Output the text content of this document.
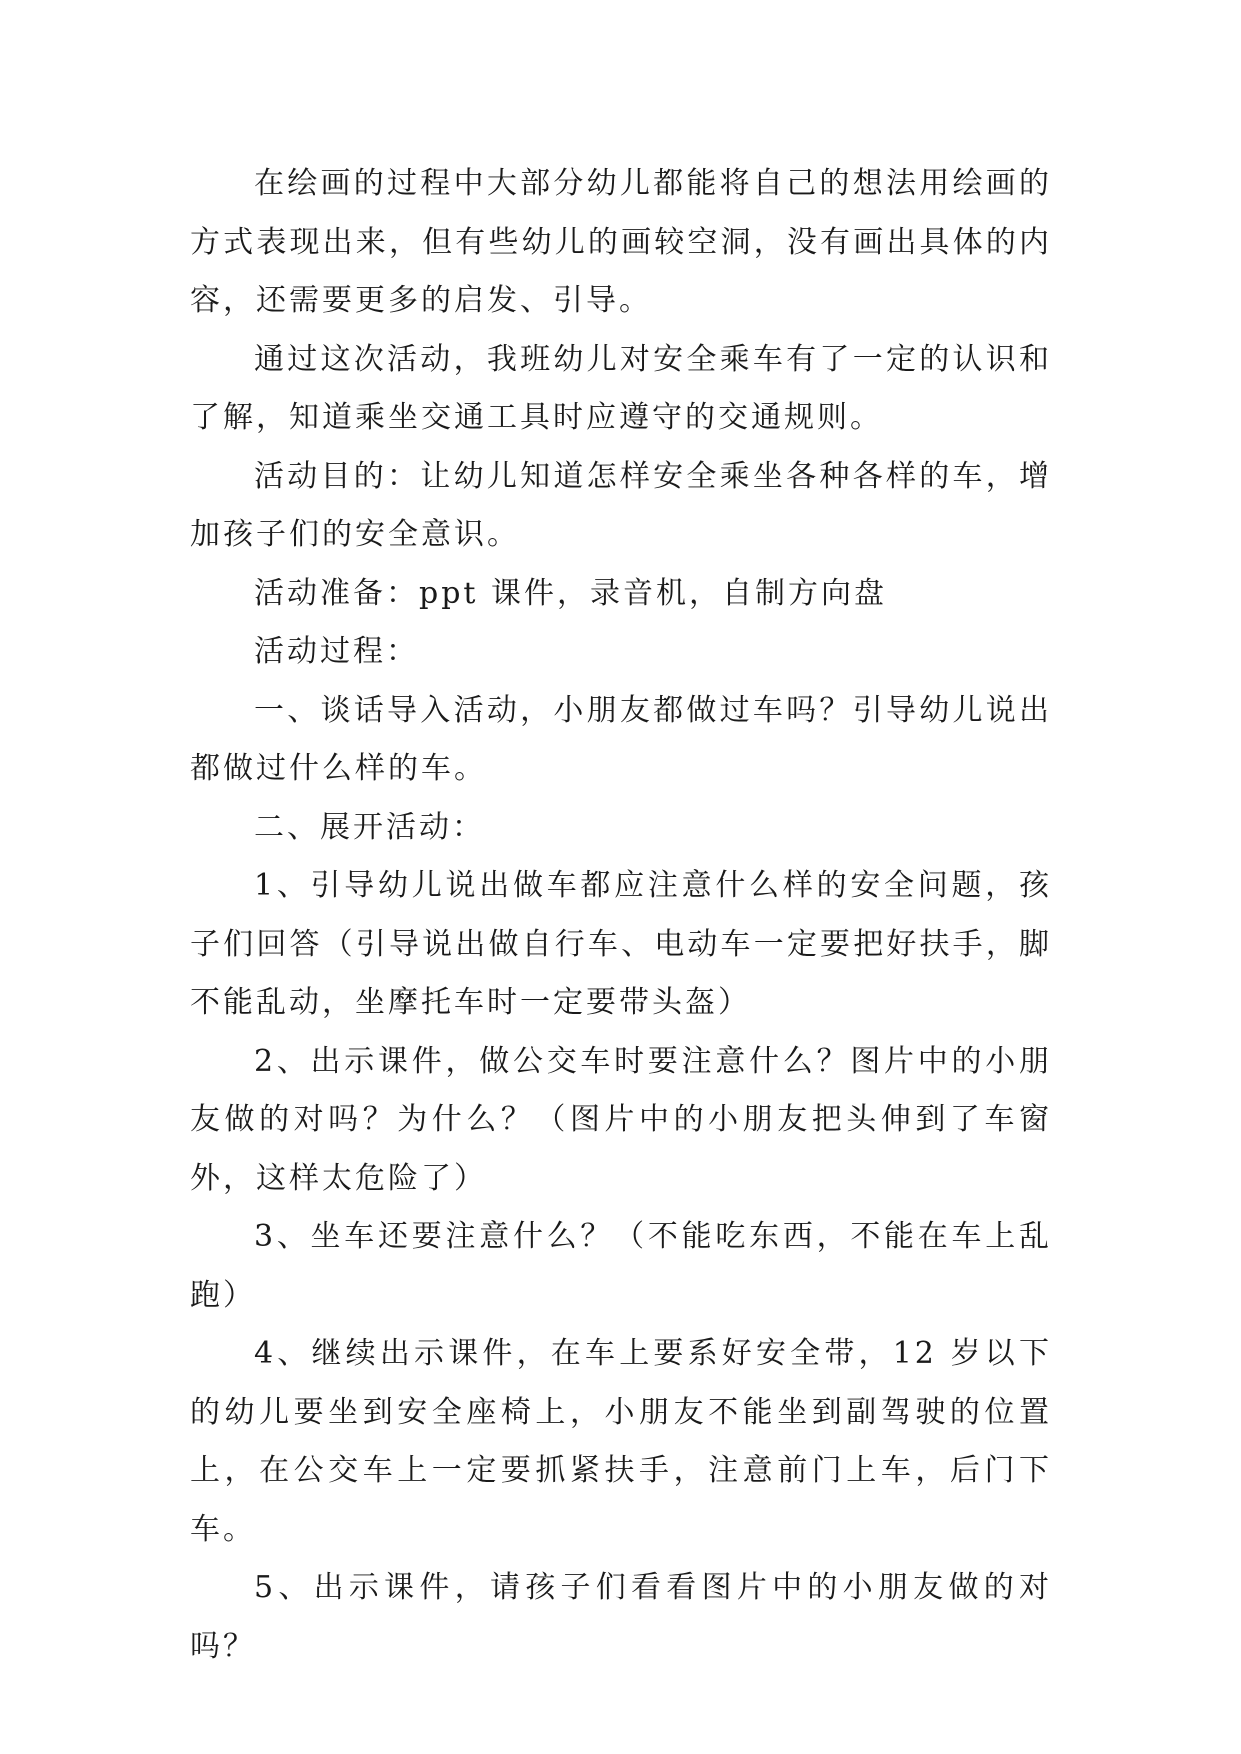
在绘画的过程中大部分幼儿都能将自己的想法用绘画的方式表现出来，但有些幼儿的画较空洞，没有画出具体的内容，还需要更多的启发、引导。

通过这次活动，我班幼儿对安全乘车有了一定的认识和了解，知道乘坐交通工具时应遵守的交通规则。

活动目的：让幼儿知道怎样安全乘坐各种各样的车，增加孩子们的安全意识。

活动准备：ppt 课件，录音机，自制方向盘

活动过程：

一、谈话导入活动，小朋友都做过车吗？引导幼儿说出都做过什么样的车。

二、展开活动：

1、引导幼儿说出做车都应注意什么样的安全问题，孩子们回答（引导说出做自行车、电动车一定要把好扶手，脚不能乱动，坐摩托车时一定要带头盔）

2、出示课件，做公交车时要注意什么？图片中的小朋友做的对吗？为什么？（图片中的小朋友把头伸到了车窗外，这样太危险了）

3、坐车还要注意什么？（不能吃东西，不能在车上乱跑）

4、继续出示课件，在车上要系好安全带，12 岁以下的幼儿要坐到安全座椅上，小朋友不能坐到副驾驶的位置上，在公交车上一定要抓紧扶手，注意前门上车，后门下车。

5、出示课件，请孩子们看看图片中的小朋友做的对吗？
